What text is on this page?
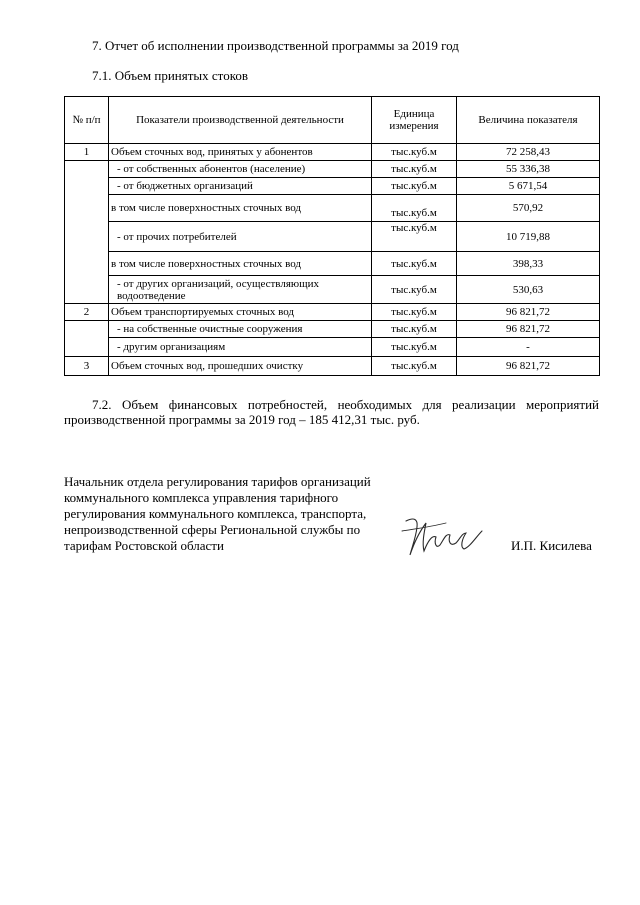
7. Отчет об исполнении производственной программы за 2019 год
7.1. Объем принятых стоков
№ п/п	Показатели производственной деятельности	Единица измерения	Величина показателя
1	Объем сточных вод, принятых у абонентов	тыс.куб.м	72 258,43
	- от собственных абонентов (население)	тыс.куб.м	55 336,38
	- от бюджетных организаций	тыс.куб.м	5 671,54
	в том числе поверхностных сточных вод	тыс.куб.м	570,92
	- от прочих потребителей	тыс.куб.м	10 719,88
	в том числе поверхностных сточных вод	тыс.куб.м	398,33
	- от других организаций, осуществляющих водоотведение	тыс.куб.м	530,63
2	Объем транспортируемых сточных вод	тыс.куб.м	96 821,72
	- на собственные очистные сооружения	тыс.куб.м	96 821,72
	- другим организациям	тыс.куб.м	-
3	Объем сточных вод, прошедших очистку	тыс.куб.м	96 821,72
7.2. Объем финансовых потребностей, необходимых для реализации мероприятий производственной программы за 2019 год – 185 412,31 тыс. руб.
Начальник отдела регулирования тарифов организаций коммунального комплекса управления тарифного регулирования коммунального комплекса, транспорта, непроизводственной сферы Региональной службы по тарифам Ростовской области	И.П. Кисилева
